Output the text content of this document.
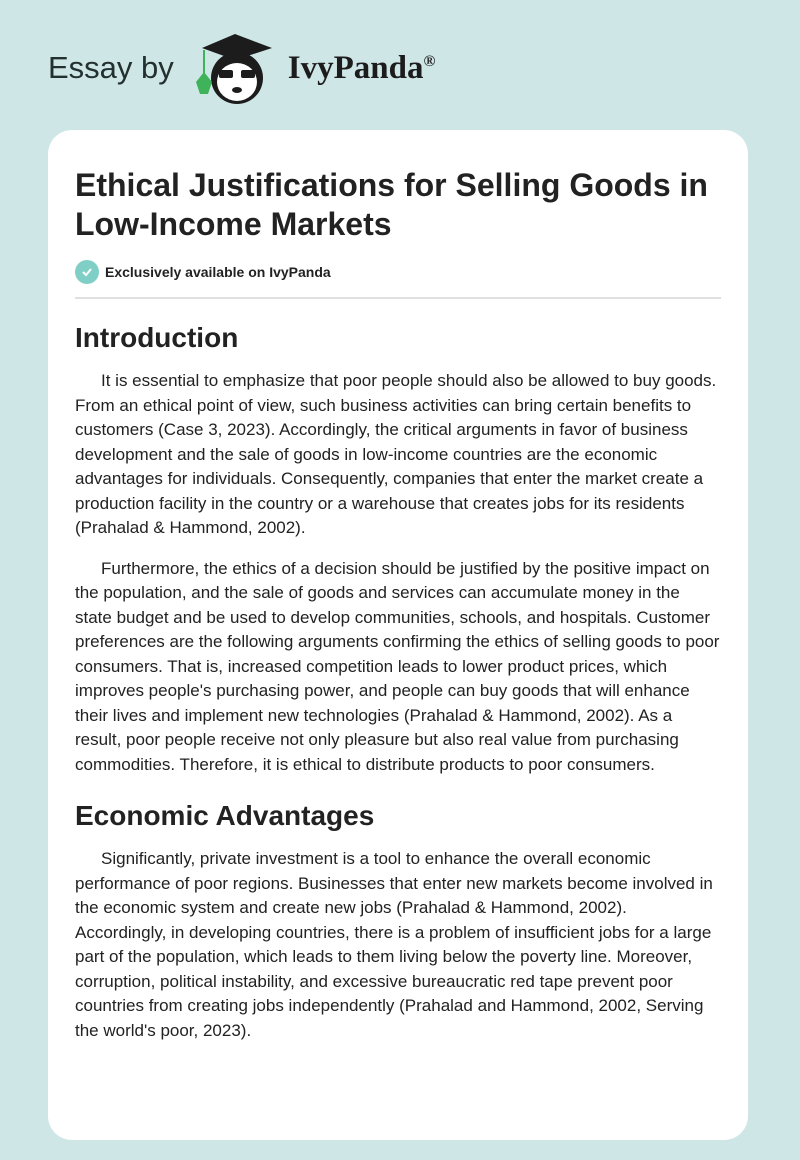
Essay by	IvyPanda®
Ethical Justifications for Selling Goods in Low-Income Markets
Exclusively available on IvyPanda
Introduction

It is essential to emphasize that poor people should also be allowed to buy goods. From an ethical point of view, such business activities can bring certain benefits to customers (Case 3, 2023). Accordingly, the critical arguments in favor of business development and the sale of goods in low-income countries are the economic advantages for individuals. Consequently, companies that enter the market create a production facility in the country or a warehouse that creates jobs for its residents (Prahalad & Hammond, 2002).

Furthermore, the ethics of a decision should be justified by the positive impact on the population, and the sale of goods and services can accumulate money in the state budget and be used to develop communities, schools, and hospitals. Customer preferences are the following arguments confirming the ethics of selling goods to poor consumers. That is, increased competition leads to lower product prices, which improves people's purchasing power, and people can buy goods that will enhance their lives and implement new technologies (Prahalad & Hammond, 2002). As a result, poor people receive not only pleasure but also real value from purchasing commodities. Therefore, it is ethical to distribute products to poor consumers.

Economic Advantages

Significantly, private investment is a tool to enhance the overall economic performance of poor regions. Businesses that enter new markets become involved in the economic system and create new jobs (Prahalad & Hammond, 2002). Accordingly, in developing countries, there is a problem of insufficient jobs for a large part of the population, which leads to them living below the poverty line. Moreover, corruption, political instability, and excessive bureaucratic red tape prevent poor countries from creating jobs independently (Prahalad and Hammond, 2002, Serving the world's poor, 2023).
